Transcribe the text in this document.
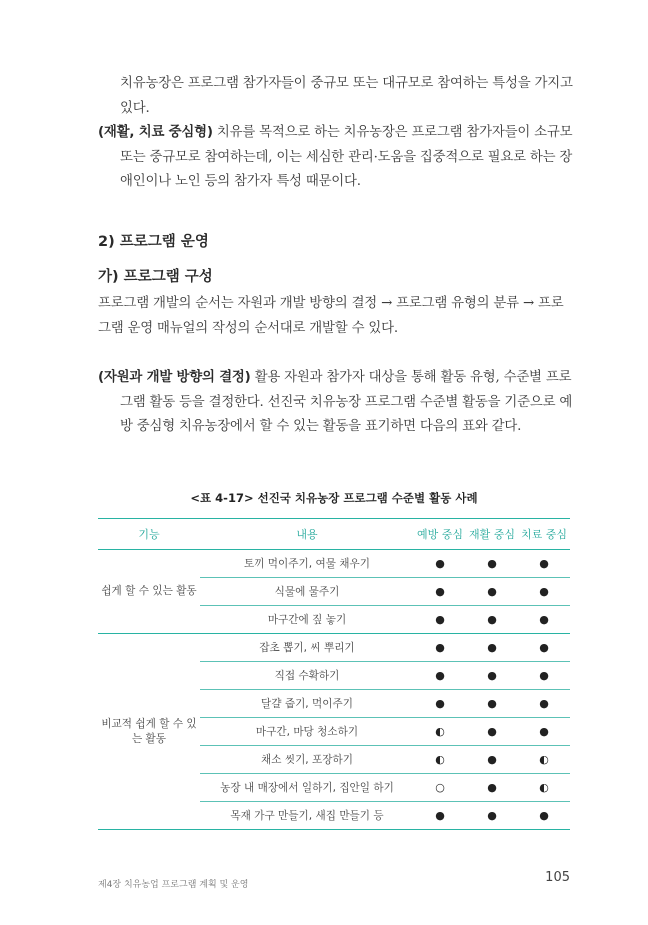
치유농장은 프로그램 참가자들이 중규모 또는 대규모로 참여하는 특성을 가지고 있다.
(재활, 치료 중심형) 치유를 목적으로 하는 치유농장은 프로그램 참가자들이 소규모 또는 중규모로 참여하는데, 이는 세심한 관리·도움을 집중적으로 필요로 하는 장애인이나 노인 등의 참가자 특성 때문이다.
2) 프로그램 운영
가) 프로그램 구성
프로그램 개발의 순서는 자원과 개발 방향의 결정 → 프로그램 유형의 분류 → 프로그램 운영 매뉴얼의 작성의 순서대로 개발할 수 있다.
(자원과 개발 방향의 결정) 활용 자원과 참가자 대상을 통해 활동 유형, 수준별 프로그램 활동 등을 결정한다. 선진국 치유농장 프로그램 수준별 활동을 기준으로 예방 중심형 치유농장에서 할 수 있는 활동을 표기하면 다음의 표와 같다.
<표 4-17> 선진국 치유농장 프로그램 수준별 활동 사례
기능	내용	예방 중심	재활 중심	치료 중심
쉽게 할 수 있는 활동	토끼 먹이주기, 여물 채우기	●	●	●
	식물에 물주기	●	●	●
	마구간에 짚 놓기	●	●	●
비교적 쉽게 할 수 있는 활동	잡초 뽑기, 씨 뿌리기	●	●	●
	직접 수확하기	●	●	●
	달걀 줍기, 먹이주기	●	●	●
	마구간, 마당 청소하기	◐	●	●
	채소 씻기, 포장하기	◐	●	◐
	농장 내 매장에서 일하기, 집안일 하기	○	●	◐
	목재 가구 만들기, 새집 만들기 등	●	●	●
제4장 치유농업 프로그램 계획 및 운영	105
